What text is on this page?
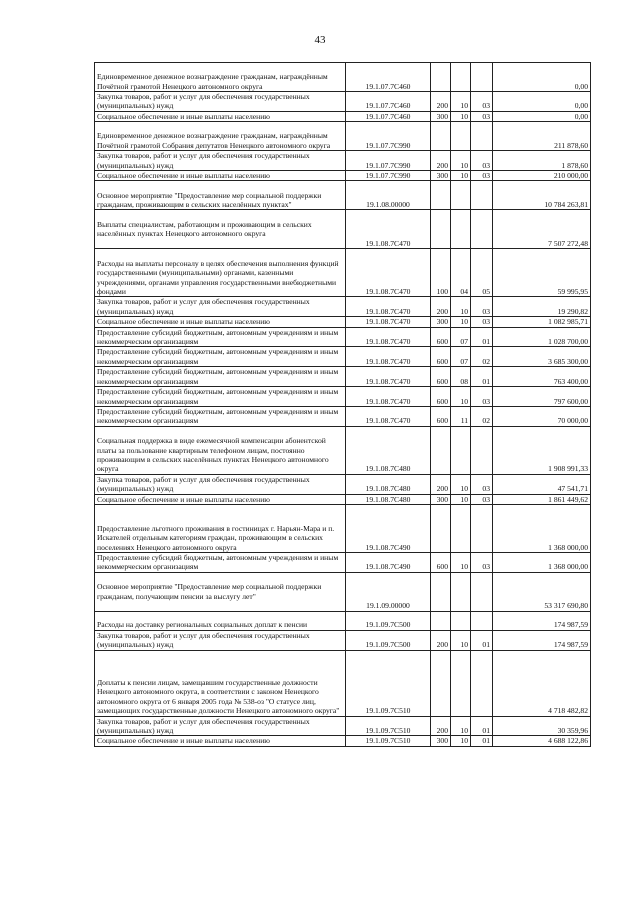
43
Единовременное денежное вознаграждение гражданам, награждённым Почётной грамотой Ненецкого автономного округа	19.1.07.7C460				0,00
Закупка товаров, работ и услуг для обеспечения государственных (муниципальных) нужд	19.1.07.7C460	200	10	03	0,00
Социальное обеспечение и иные выплаты населению	19.1.07.7C460	300	10	03	0,00
Единовременное денежное вознаграждение гражданам, награждённым Почётной грамотой Собрания депутатов Ненецкого автономного округа	19.1.07.7C990				211 878,60
Закупка товаров, работ и услуг для обеспечения государственных (муниципальных) нужд	19.1.07.7C990	200	10	03	1 878,60
Социальное обеспечение и иные выплаты населению	19.1.07.7C990	300	10	03	210 000,00
Основное мероприятие "Предоставление мер социальной поддержки гражданам, проживающим в сельских населённых пунктах"	19.1.08.00000				10 784 263,81
Выплаты специалистам, работающим и проживающим в сельских населённых пунктах Ненецкого автономного округа	19.1.08.7C470				7 507 272,48
Расходы на выплаты персоналу в целях обеспечения выполнения функций государственными (муниципальными) органами, казенными учреждениями, органами управления государственными внебюджетными фондами	19.1.08.7C470	100	04	05	59 995,95
Закупка товаров, работ и услуг для обеспечения государственных (муниципальных) нужд	19.1.08.7C470	200	10	03	19 290,82
Социальное обеспечение и иные выплаты населению	19.1.08.7C470	300	10	03	1 082 985,71
Предоставление субсидий бюджетным, автономным учреждениям и иным некоммерческим организациям	19.1.08.7C470	600	07	01	1 028 700,00
Предоставление субсидий бюджетным, автономным учреждениям и иным некоммерческим организациям	19.1.08.7C470	600	07	02	3 685 300,00
Предоставление субсидий бюджетным, автономным учреждениям и иным некоммерческим организациям	19.1.08.7C470	600	08	01	763 400,00
Предоставление субсидий бюджетным, автономным учреждениям и иным некоммерческим организациям	19.1.08.7C470	600	10	03	797 600,00
Предоставление субсидий бюджетным, автономным учреждениям и иным некоммерческим организациям	19.1.08.7C470	600	11	02	70 000,00
Социальная поддержка в виде ежемесячной компенсации абонентской платы за пользование квартирным телефоном лицам, постоянно проживающим в сельских населённых пунктах Ненецкого автономного округа	19.1.08.7C480				1 908 991,33
Закупка товаров, работ и услуг для обеспечения государственных (муниципальных) нужд	19.1.08.7C480	200	10	03	47 541,71
Социальное обеспечение и иные выплаты населению	19.1.08.7C480	300	10	03	1 861 449,62
Предоставление льготного проживания в гостиницах г. Нарьян-Мара и п. Искателей отдельным категориям граждан, проживающим в сельских поселениях Ненецкого автономного округа	19.1.08.7C490				1 368 000,00
Предоставление субсидий бюджетным, автономным учреждениям и иным некоммерческим организациям	19.1.08.7C490	600	10	03	1 368 000,00
Основное мероприятие "Предоставление мер социальной поддержки гражданам, получающим пенсии за выслугу лет"	19.1.09.00000				53 317 690,80
Расходы на доставку региональных социальных доплат к пенсии	19.1.09.7C500				174 987,59
Закупка товаров, работ и услуг для обеспечения государственных (муниципальных) нужд	19.1.09.7C500	200	10	01	174 987,59
Доплаты к пенсии лицам, замещавшим государственные должности Ненецкого автономного округа, в соответствии с законом Ненецкого автономного округа от 6 января 2005 года № 538-оз "О статусе лиц, замещающих государственные должности Ненецкого автономного округа"	19.1.09.7C510				4 718 482,82
Закупка товаров, работ и услуг для обеспечения государственных (муниципальных) нужд	19.1.09.7C510	200	10	01	30 359,96
Социальное обеспечение и иные выплаты населению	19.1.09.7C510	300	10	01	4 688 122,86
